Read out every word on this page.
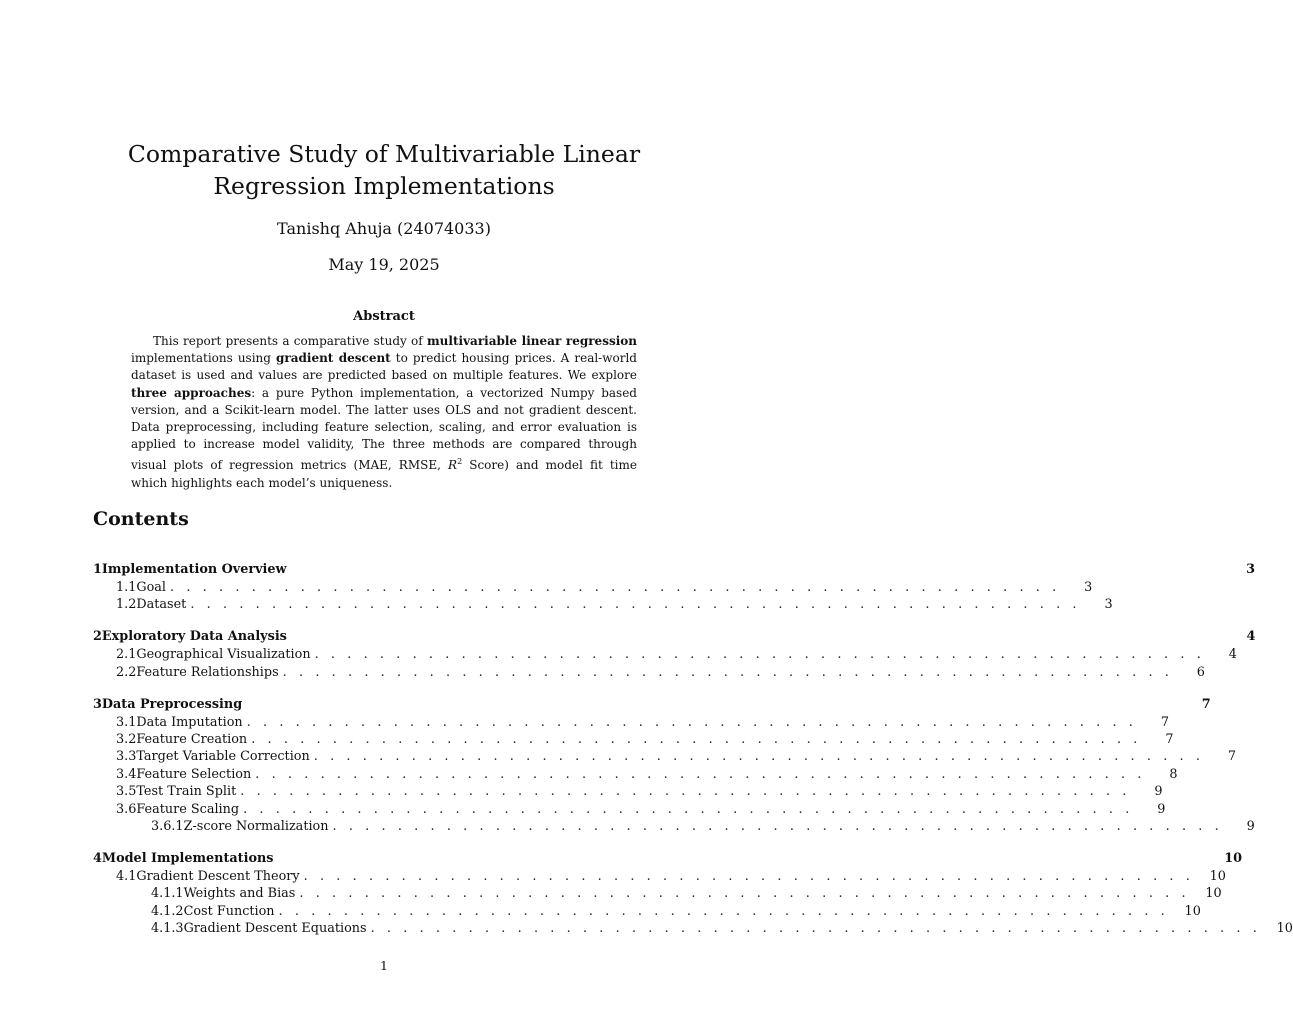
Comparative Study of Multivariable Linear Regression Implementations
Tanishq Ahuja (24074033)
May 19, 2025
Abstract

This report presents a comparative study of multivariable linear regression implementations using gradient descent to predict housing prices. A real-world dataset is used and values are predicted based on multiple features. We explore three approaches: a pure Python implementation, a vectorized Numpy based version, and a Scikit-learn model. The latter uses OLS and not gradient descent. Data preprocessing, including feature selection, scaling, and error evaluation is applied to increase model validity, The three methods are compared through visual plots of regression metrics (MAE, RMSE, $R^2$ Score) and model fit time which highlights each model’s uniqueness.

Contents
1 Implementation Overview	3
1.1 Goal . . . . . . . . . . . . . . . . . . . . . . . . . . . . . . . . . . . . . . . . . . . . . . . . . . . . . . .	3
1.2 Dataset . . . . . . . . . . . . . . . . . . . . . . . . . . . . . . . . . . . . . . . . . . . . . . . . . . . . . . .	3
2 Exploratory Data Analysis	4
2.1 Geographical Visualization . . . . . . . . . . . . . . . . . . . . . . . . . . . . . . . . . . . . . . . . . . . . . . . . . . . . . . .	4
2.2 Feature Relationships . . . . . . . . . . . . . . . . . . . . . . . . . . . . . . . . . . . . . . . . . . . . . . . . . . . . . . .	6
3 Data Preprocessing	7
3.1 Data Imputation . . . . . . . . . . . . . . . . . . . . . . . . . . . . . . . . . . . . . . . . . . . . . . . . . . . . . . .	7
3.2 Feature Creation . . . . . . . . . . . . . . . . . . . . . . . . . . . . . . . . . . . . . . . . . . . . . . . . . . . . . . .	7
3.3 Target Variable Correction . . . . . . . . . . . . . . . . . . . . . . . . . . . . . . . . . . . . . . . . . . . . . . . . . . . . . . .	7
3.4 Feature Selection . . . . . . . . . . . . . . . . . . . . . . . . . . . . . . . . . . . . . . . . . . . . . . . . . . . . . . .	8
3.5 Test Train Split . . . . . . . . . . . . . . . . . . . . . . . . . . . . . . . . . . . . . . . . . . . . . . . . . . . . . . .	9
3.6 Feature Scaling . . . . . . . . . . . . . . . . . . . . . . . . . . . . . . . . . . . . . . . . . . . . . . . . . . . . . . .	9
3.6.1 Z-score Normalization . . . . . . . . . . . . . . . . . . . . . . . . . . . . . . . . . . . . . . . . . . . . . . . . . . . . . . .	9
4 Model Implementations	10
4.1 Gradient Descent Theory . . . . . . . . . . . . . . . . . . . . . . . . . . . . . . . . . . . . . . . . . . . . . . . . . . . . . . .	10
4.1.1 Weights and Bias . . . . . . . . . . . . . . . . . . . . . . . . . . . . . . . . . . . . . . . . . . . . . . . . . . . . . . .	10
4.1.2 Cost Function . . . . . . . . . . . . . . . . . . . . . . . . . . . . . . . . . . . . . . . . . . . . . . . . . . . . . . .	10
4.1.3 Gradient Descent Equations . . . . . . . . . . . . . . . . . . . . . . . . . . . . . . . . . . . . . . . . . . . . . . . . . . . . . . .	10
1
